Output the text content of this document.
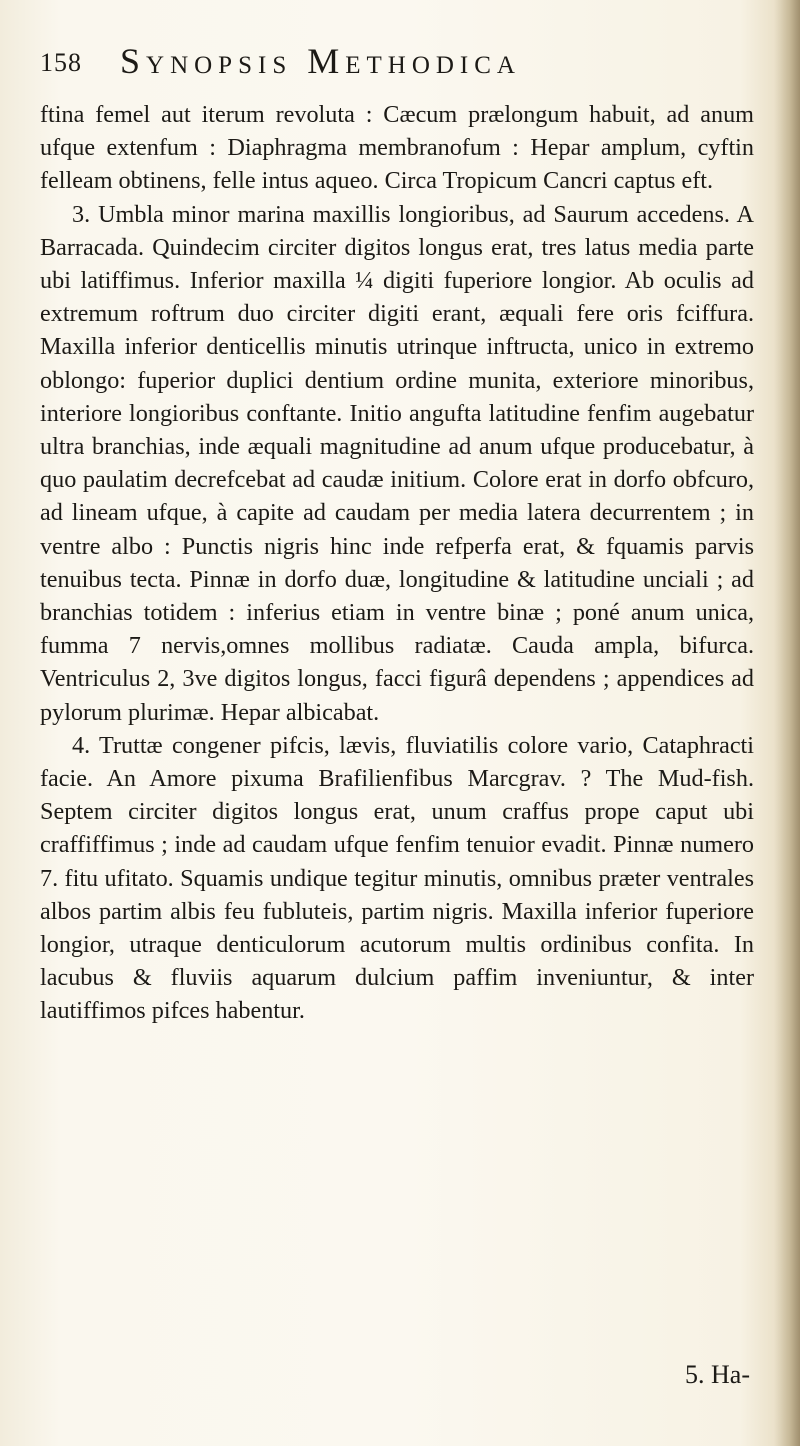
158 Synopsis Methodica

ftina femel aut iterum revoluta : Cæcum prælongum habuit, ad anum ufque extenfum : Diaphragma membranofum : Hepar amplum, cyftin felleam obtinens, felle intus aqueo. Circa Tropicum Cancri captus eft.

3. Umbla minor marina maxillis longioribus, ad Saurum accedens. A Barracada. Quindecim circiter digitos longus erat, tres latus media parte ubi latiffimus. Inferior maxilla ¼ digiti fuperiore longior. Ab oculis ad extremum roftrum duo circiter digiti erant, æquali fere oris fciffura. Maxilla inferior denticellis minutis utrinque inftructa, unico in extremo oblongo: fuperior duplici dentium ordine munita, exteriore minoribus, interiore longioribus conftante. Initio angufta latitudine fenfim augebatur ultra branchias, inde æquali magnitudine ad anum ufque producebatur, à quo paulatim decrefcebat ad caudæ initium. Colore erat in dorfo obfcuro, ad lineam ufque, à capite ad caudam per media latera decurrentem ; in ventre albo : Punctis nigris hinc inde refperfa erat, & fquamis parvis tenuibus tecta. Pinnæ in dorfo duæ, longitudine & latitudine unciali ; ad branchias totidem : inferius etiam in ventre binæ ; poné anum unica, fumma 7 nervis,omnes mollibus radiatæ. Cauda ampla, bifurca. Ventriculus 2, 3ve digitos longus, facci figurâ dependens ; appendices ad pylorum plurimæ. Hepar albicabat.

4. Truttæ congener pifcis, lævis, fluviatilis colore vario, Cataphracti facie. An Amore pixuma Brafilienfibus Marcgrav. ? The Mud-fish. Septem circiter digitos longus erat, unum craffus prope caput ubi craffiffimus ; inde ad caudam ufque fenfim tenuior evadit. Pinnæ numero 7. fitu ufitato. Squamis undique tegitur minutis, omnibus præter ventrales albos partim albis feu fubluteis, partim nigris. Maxilla inferior fuperiore longior, utraque denticulorum acutorum multis ordinibus confita. In lacubus & fluviis aquarum dulcium paffim inveniuntur, & inter lautiffimos pifces habentur.

5. Ha-
